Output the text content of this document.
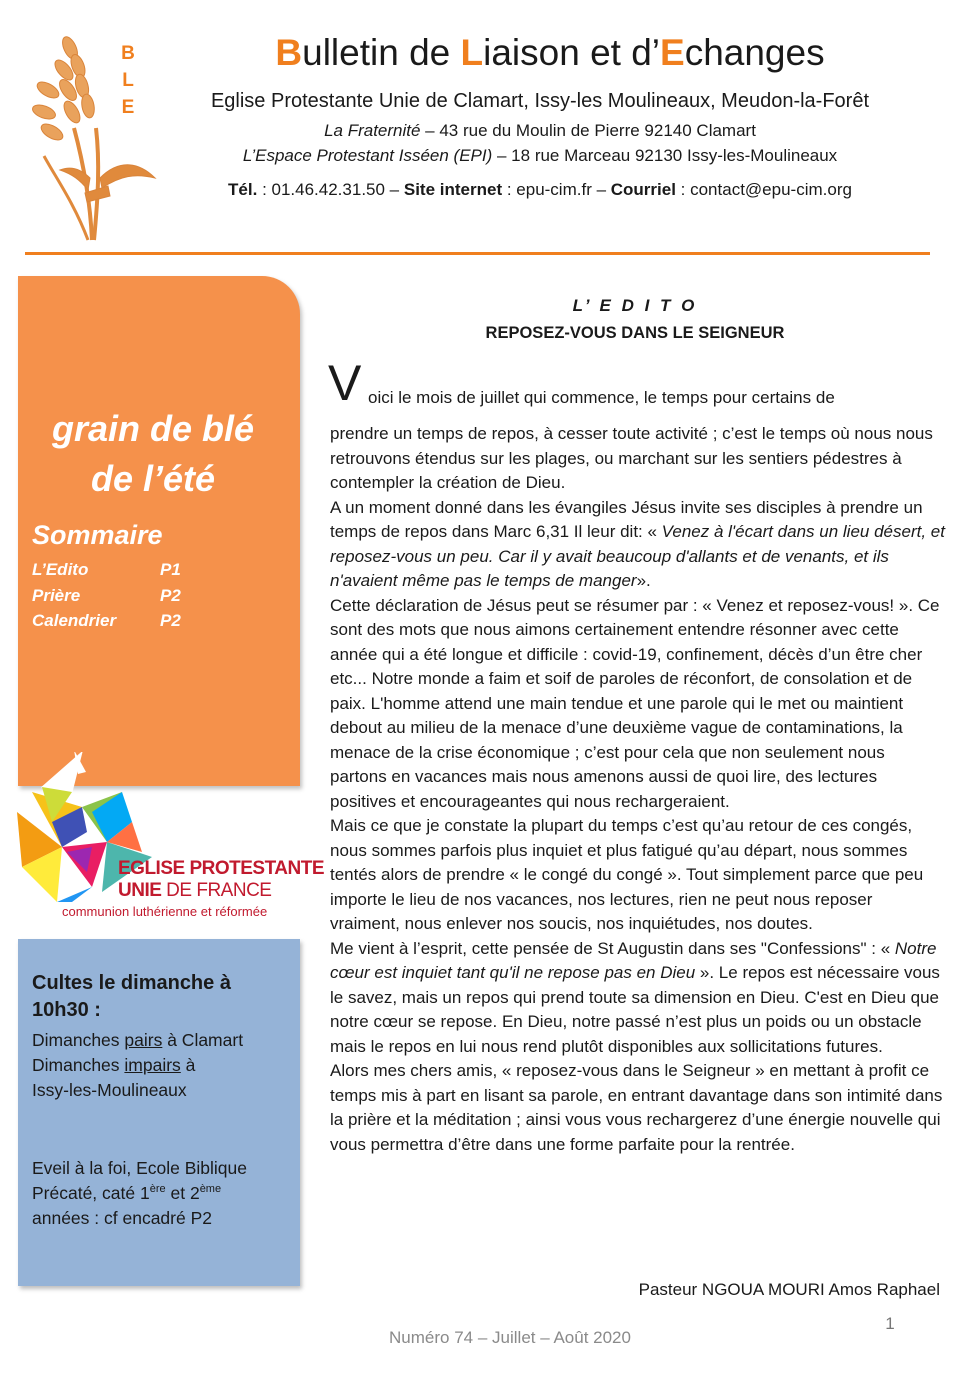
B
L
E
Bulletin de Liaison et d’Echanges
Eglise Protestante Unie de Clamart, Issy-les Moulineaux, Meudon-la-Forêt
La Fraternité – 43 rue du Moulin de Pierre 92140 Clamart
L’Espace Protestant Isséen (EPI) – 18 rue Marceau 92130 Issy-les-Moulineaux
Tél. : 01.46.42.31.50 – Site internet : epu-cim.fr – Courriel : contact@epu-cim.org
grain de blé
de l’été
Sommaire
L’Edito	P1
Prière	P2
Calendrier	P2
EGLISE PROTESTANTE
UNIE DE FRANCE
communion luthérienne et réformée
Cultes le dimanche à 10h30 :
Dimanches pairs à Clamart
Dimanches impairs à
Issy-les-Moulineaux
Eveil à la foi, Ecole Biblique
Précaté, caté 1ère et 2ème
années : cf encadré P2
L’ E D I T O
REPOSEZ-VOUS DANS LE SEIGNEUR
V oici le mois de juillet qui commence, le temps pour certains de

prendre un temps de repos, à cesser toute activité ; c’est le temps où nous nous retrouvons étendus sur les plages, ou marchant sur les sentiers pédestres à contempler la création de Dieu.

A un moment donné dans les évangiles Jésus invite ses disciples à prendre un temps de repos dans Marc 6,31 Il leur dit: « Venez à l'écart dans un lieu désert, et reposez-vous un peu. Car il y avait beaucoup d'allants et de venants, et ils n'avaient même pas le temps de manger».

Cette déclaration de Jésus peut se résumer par : « Venez et reposez-vous! ». Ce sont des mots que nous aimons certainement entendre résonner avec cette année qui a été longue et difficile : covid-19, confinement, décès d’un être cher etc... Notre monde a faim et soif de paroles de réconfort, de consolation et de paix. L'homme attend une main tendue et une parole qui le met ou maintient debout au milieu de la menace d’une deuxième vague de contaminations, la menace de la crise économique ; c’est pour cela que non seulement nous partons en vacances mais nous amenons aussi de quoi lire, des lectures positives et encourageantes qui nous rechargeraient.

Mais ce que je constate la plupart du temps c’est qu’au retour de ces congés, nous sommes parfois plus inquiet et plus fatigué qu’au départ, nous sommes tentés alors de prendre « le congé du congé ». Tout simplement parce que peu importe le lieu de nos vacances, nos lectures, rien ne peut nous reposer vraiment, nous enlever nos soucis, nos inquiétudes, nos doutes.

Me vient à l’esprit, cette pensée de St Augustin dans ses "Confessions" : « Notre cœur est inquiet tant qu'il ne repose pas en Dieu ». Le repos est nécessaire vous le savez, mais un repos qui prend toute sa dimension en Dieu. C'est en Dieu que notre cœur se repose. En Dieu, notre passé n’est plus un poids ou un obstacle mais le repos en lui nous rend plutôt disponibles aux sollicitations futures.

Alors mes chers amis, « reposez-vous dans le Seigneur » en mettant à profit ce temps mis à part en lisant sa parole, en entrant davantage dans son intimité dans la prière et la méditation ; ainsi vous vous rechargerez d’une énergie nouvelle qui vous permettra d’être dans une forme parfaite pour la rentrée.

Pasteur NGOUA MOURI Amos Raphael
1
Numéro 74 – Juillet – Août 2020
